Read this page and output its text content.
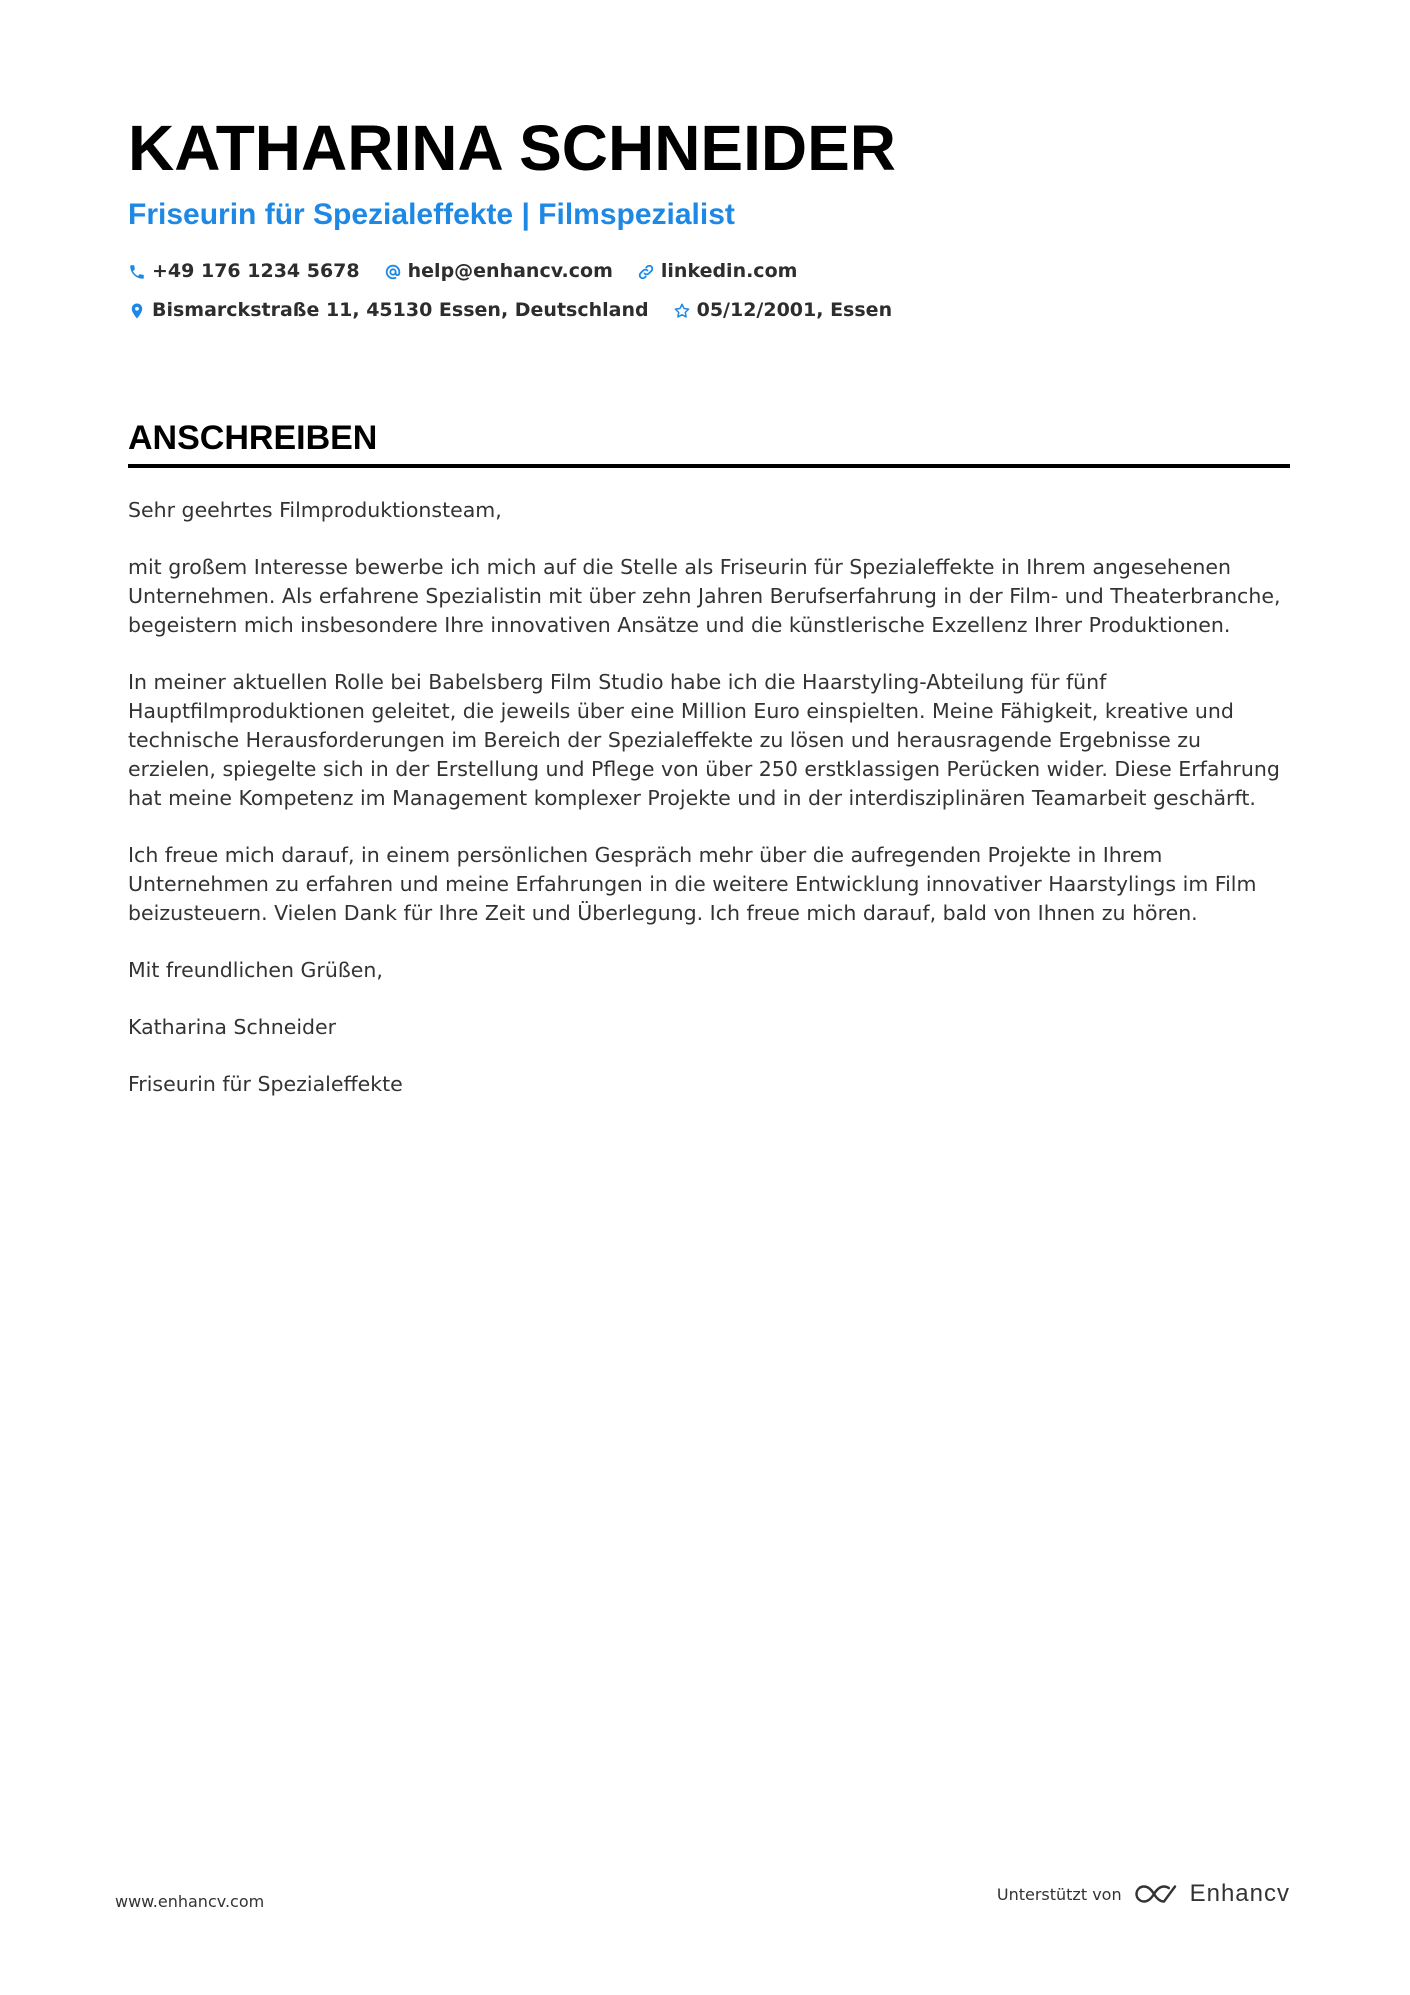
KATHARINA SCHNEIDER
Friseurin für Spezialeffekte | Filmspezialist
+49 176 1234 5678	help@enhancv.com	linkedin.com
Bismarckstraße 11, 45130 Essen, Deutschland	05/12/2001, Essen
ANSCHREIBEN

Sehr geehrtes Filmproduktionsteam,

mit großem Interesse bewerbe ich mich auf die Stelle als Friseurin für Spezialeffekte in Ihrem angesehenen Unternehmen. Als erfahrene Spezialistin mit über zehn Jahren Berufserfahrung in der Film- und Theaterbranche, begeistern mich insbesondere Ihre innovativen Ansätze und die künstlerische Exzellenz Ihrer Produktionen.

In meiner aktuellen Rolle bei Babelsberg Film Studio habe ich die Haarstyling-Abteilung für fünf Hauptfilmproduktionen geleitet, die jeweils über eine Million Euro einspielten. Meine Fähigkeit, kreative und technische Herausforderungen im Bereich der Spezialeffekte zu lösen und herausragende Ergebnisse zu erzielen, spiegelte sich in der Erstellung und Pflege von über 250 erstklassigen Perücken wider. Diese Erfahrung hat meine Kompetenz im Management komplexer Projekte und in der interdisziplinären Teamarbeit geschärft.

Ich freue mich darauf, in einem persönlichen Gespräch mehr über die aufregenden Projekte in Ihrem Unternehmen zu erfahren und meine Erfahrungen in die weitere Entwicklung innovativer Haarstylings im Film beizusteuern. Vielen Dank für Ihre Zeit und Überlegung. Ich freue mich darauf, bald von Ihnen zu hören.

Mit freundlichen Grüßen,

Katharina Schneider

Friseurin für Spezialeffekte

www.enhancv.com	Unterstützt von	Enhancv
